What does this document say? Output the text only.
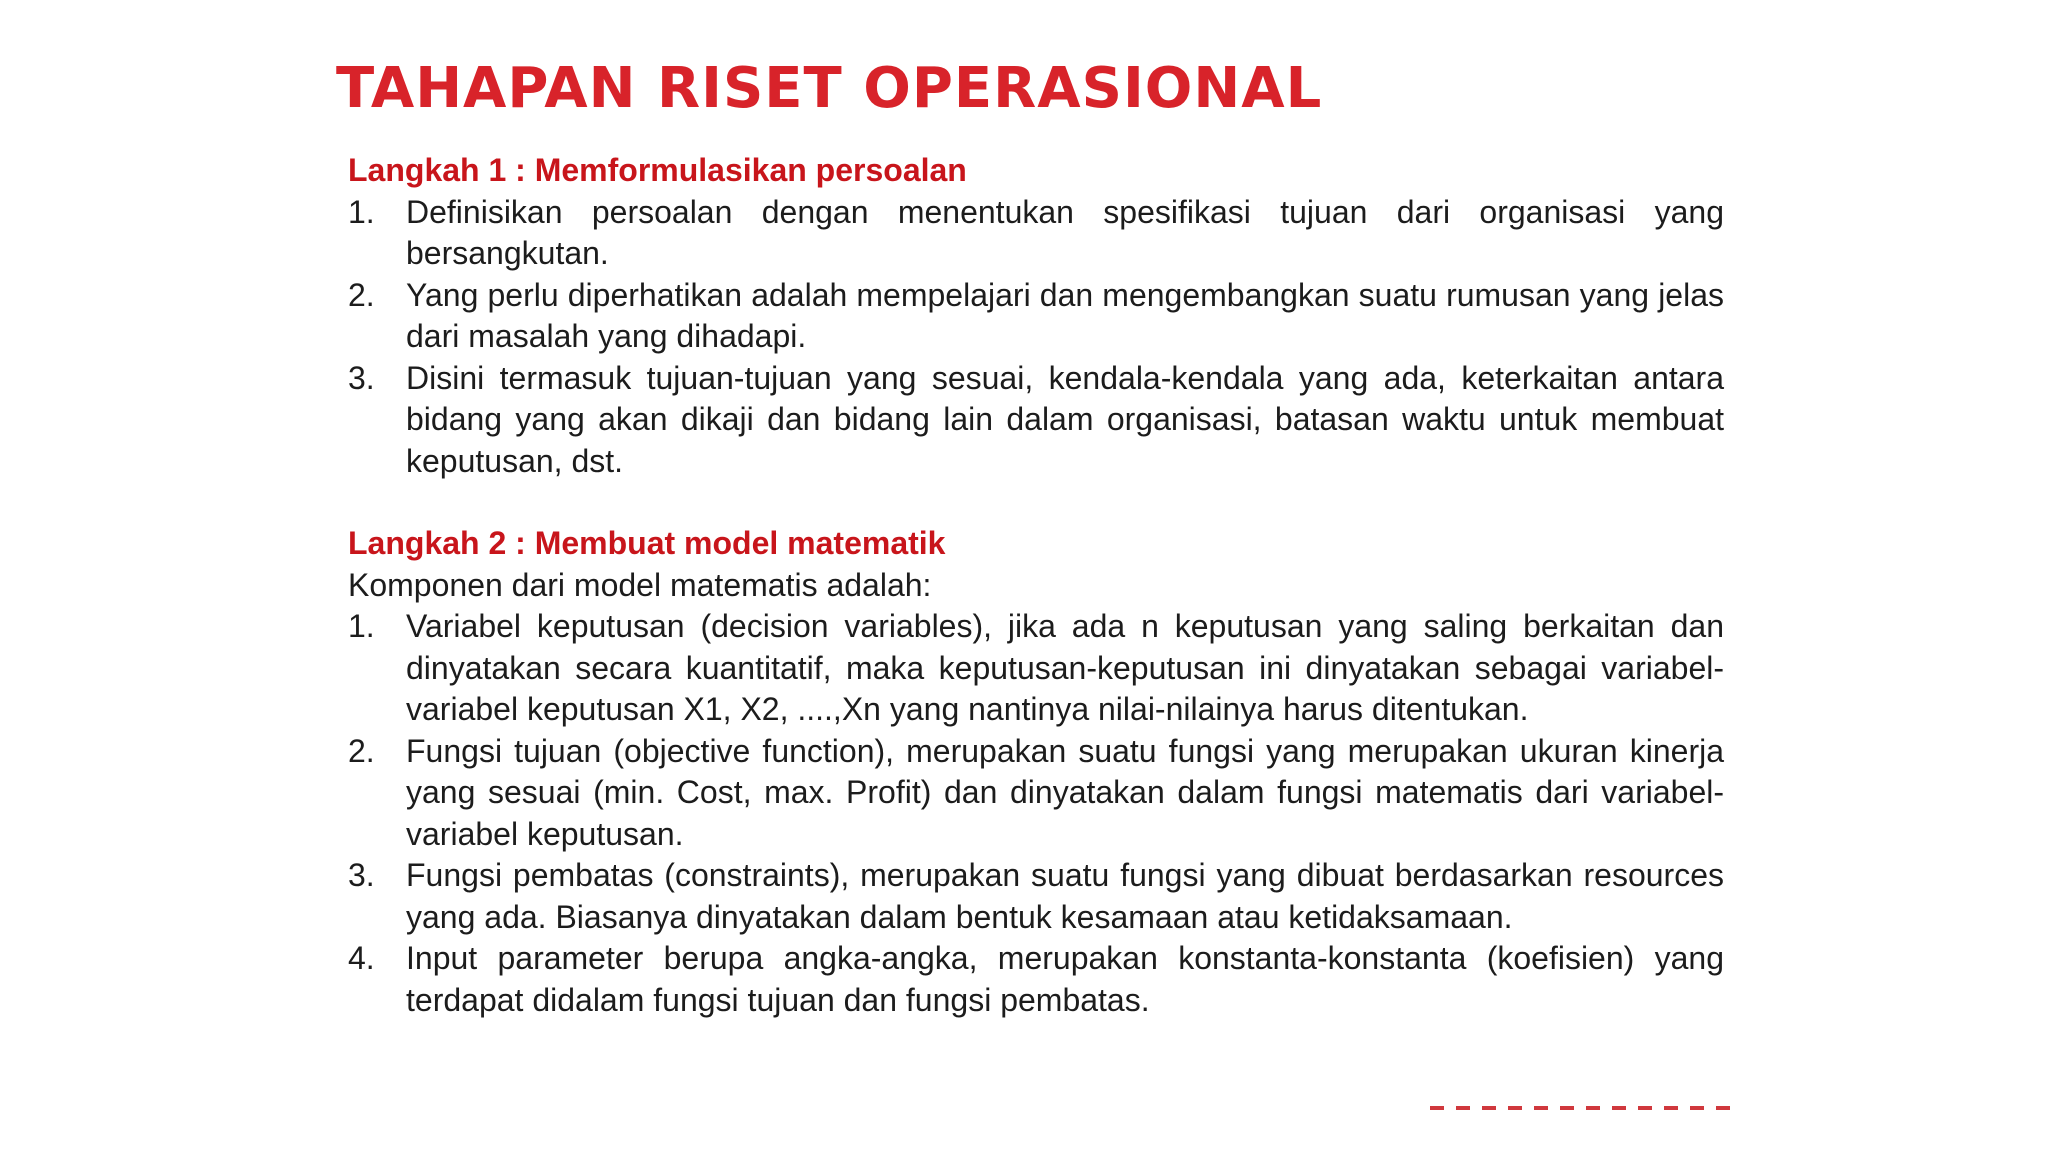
TAHAPAN RISET OPERASIONAL

Langkah 1 : Memformulasikan persoalan

1. Definisikan persoalan dengan menentukan spesifikasi tujuan dari organisasi yang bersangkutan.
2. Yang perlu diperhatikan adalah mempelajari dan mengembangkan suatu rumusan yang jelas dari masalah yang dihadapi.
3. Disini termasuk tujuan-tujuan yang sesuai, kendala-kendala yang ada, keterkaitan antara bidang yang akan dikaji dan bidang lain dalam organisasi, batasan waktu untuk membuat keputusan, dst.

Langkah 2 : Membuat model matematik

Komponen dari model matematis adalah:

1. Variabel keputusan (decision variables), jika ada n keputusan yang saling berkaitan dan dinyatakan secara kuantitatif, maka keputusan-keputusan ini dinyatakan sebagai variabel-variabel keputusan X1, X2, ....,Xn yang nantinya nilai-nilainya harus ditentukan.
2. Fungsi tujuan (objective function), merupakan suatu fungsi yang merupakan ukuran kinerja yang sesuai (min. Cost, max. Profit) dan dinyatakan dalam fungsi matematis dari variabel-variabel keputusan.
3. Fungsi pembatas (constraints), merupakan suatu fungsi yang dibuat berdasarkan resources yang ada. Biasanya dinyatakan dalam bentuk kesamaan atau ketidaksamaan.
4. Input parameter berupa angka-angka, merupakan konstanta-konstanta (koefisien) yang terdapat didalam fungsi tujuan dan fungsi pembatas.
